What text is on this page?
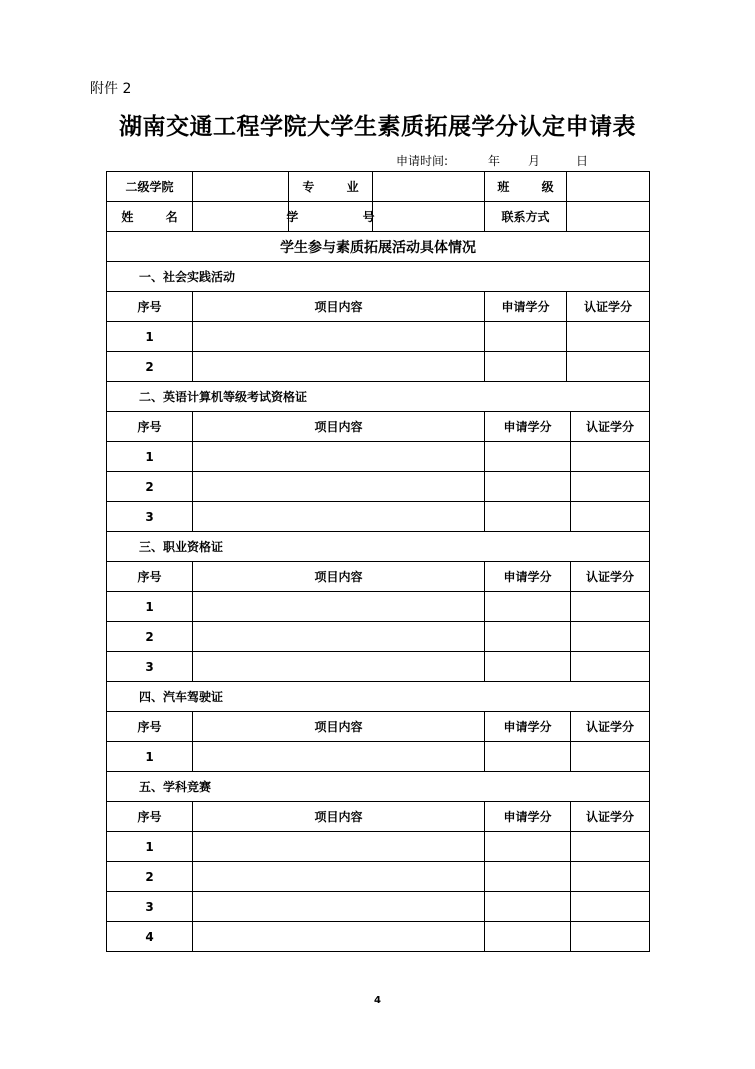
附件 2
湖南交通工程学院大学生素质拓展学分认定申请表
申请时间:	年 月	日
二级学院	专 业	班 级
姓 名	学 号	联系方式
学生参与素质拓展活动具体情况
一、社会实践活动
序号	项目内容	申请学分	认证学分
1
2
二、英语计算机等级考试资格证
序号	项目内容	申请学分	认证学分
1
2
3
三、职业资格证
序号	项目内容	申请学分	认证学分
1
2
3
四、汽车驾驶证
序号	项目内容	申请学分	认证学分
1
五、学科竞赛
序号	项目内容	申请学分	认证学分
1
2
3
4
4
